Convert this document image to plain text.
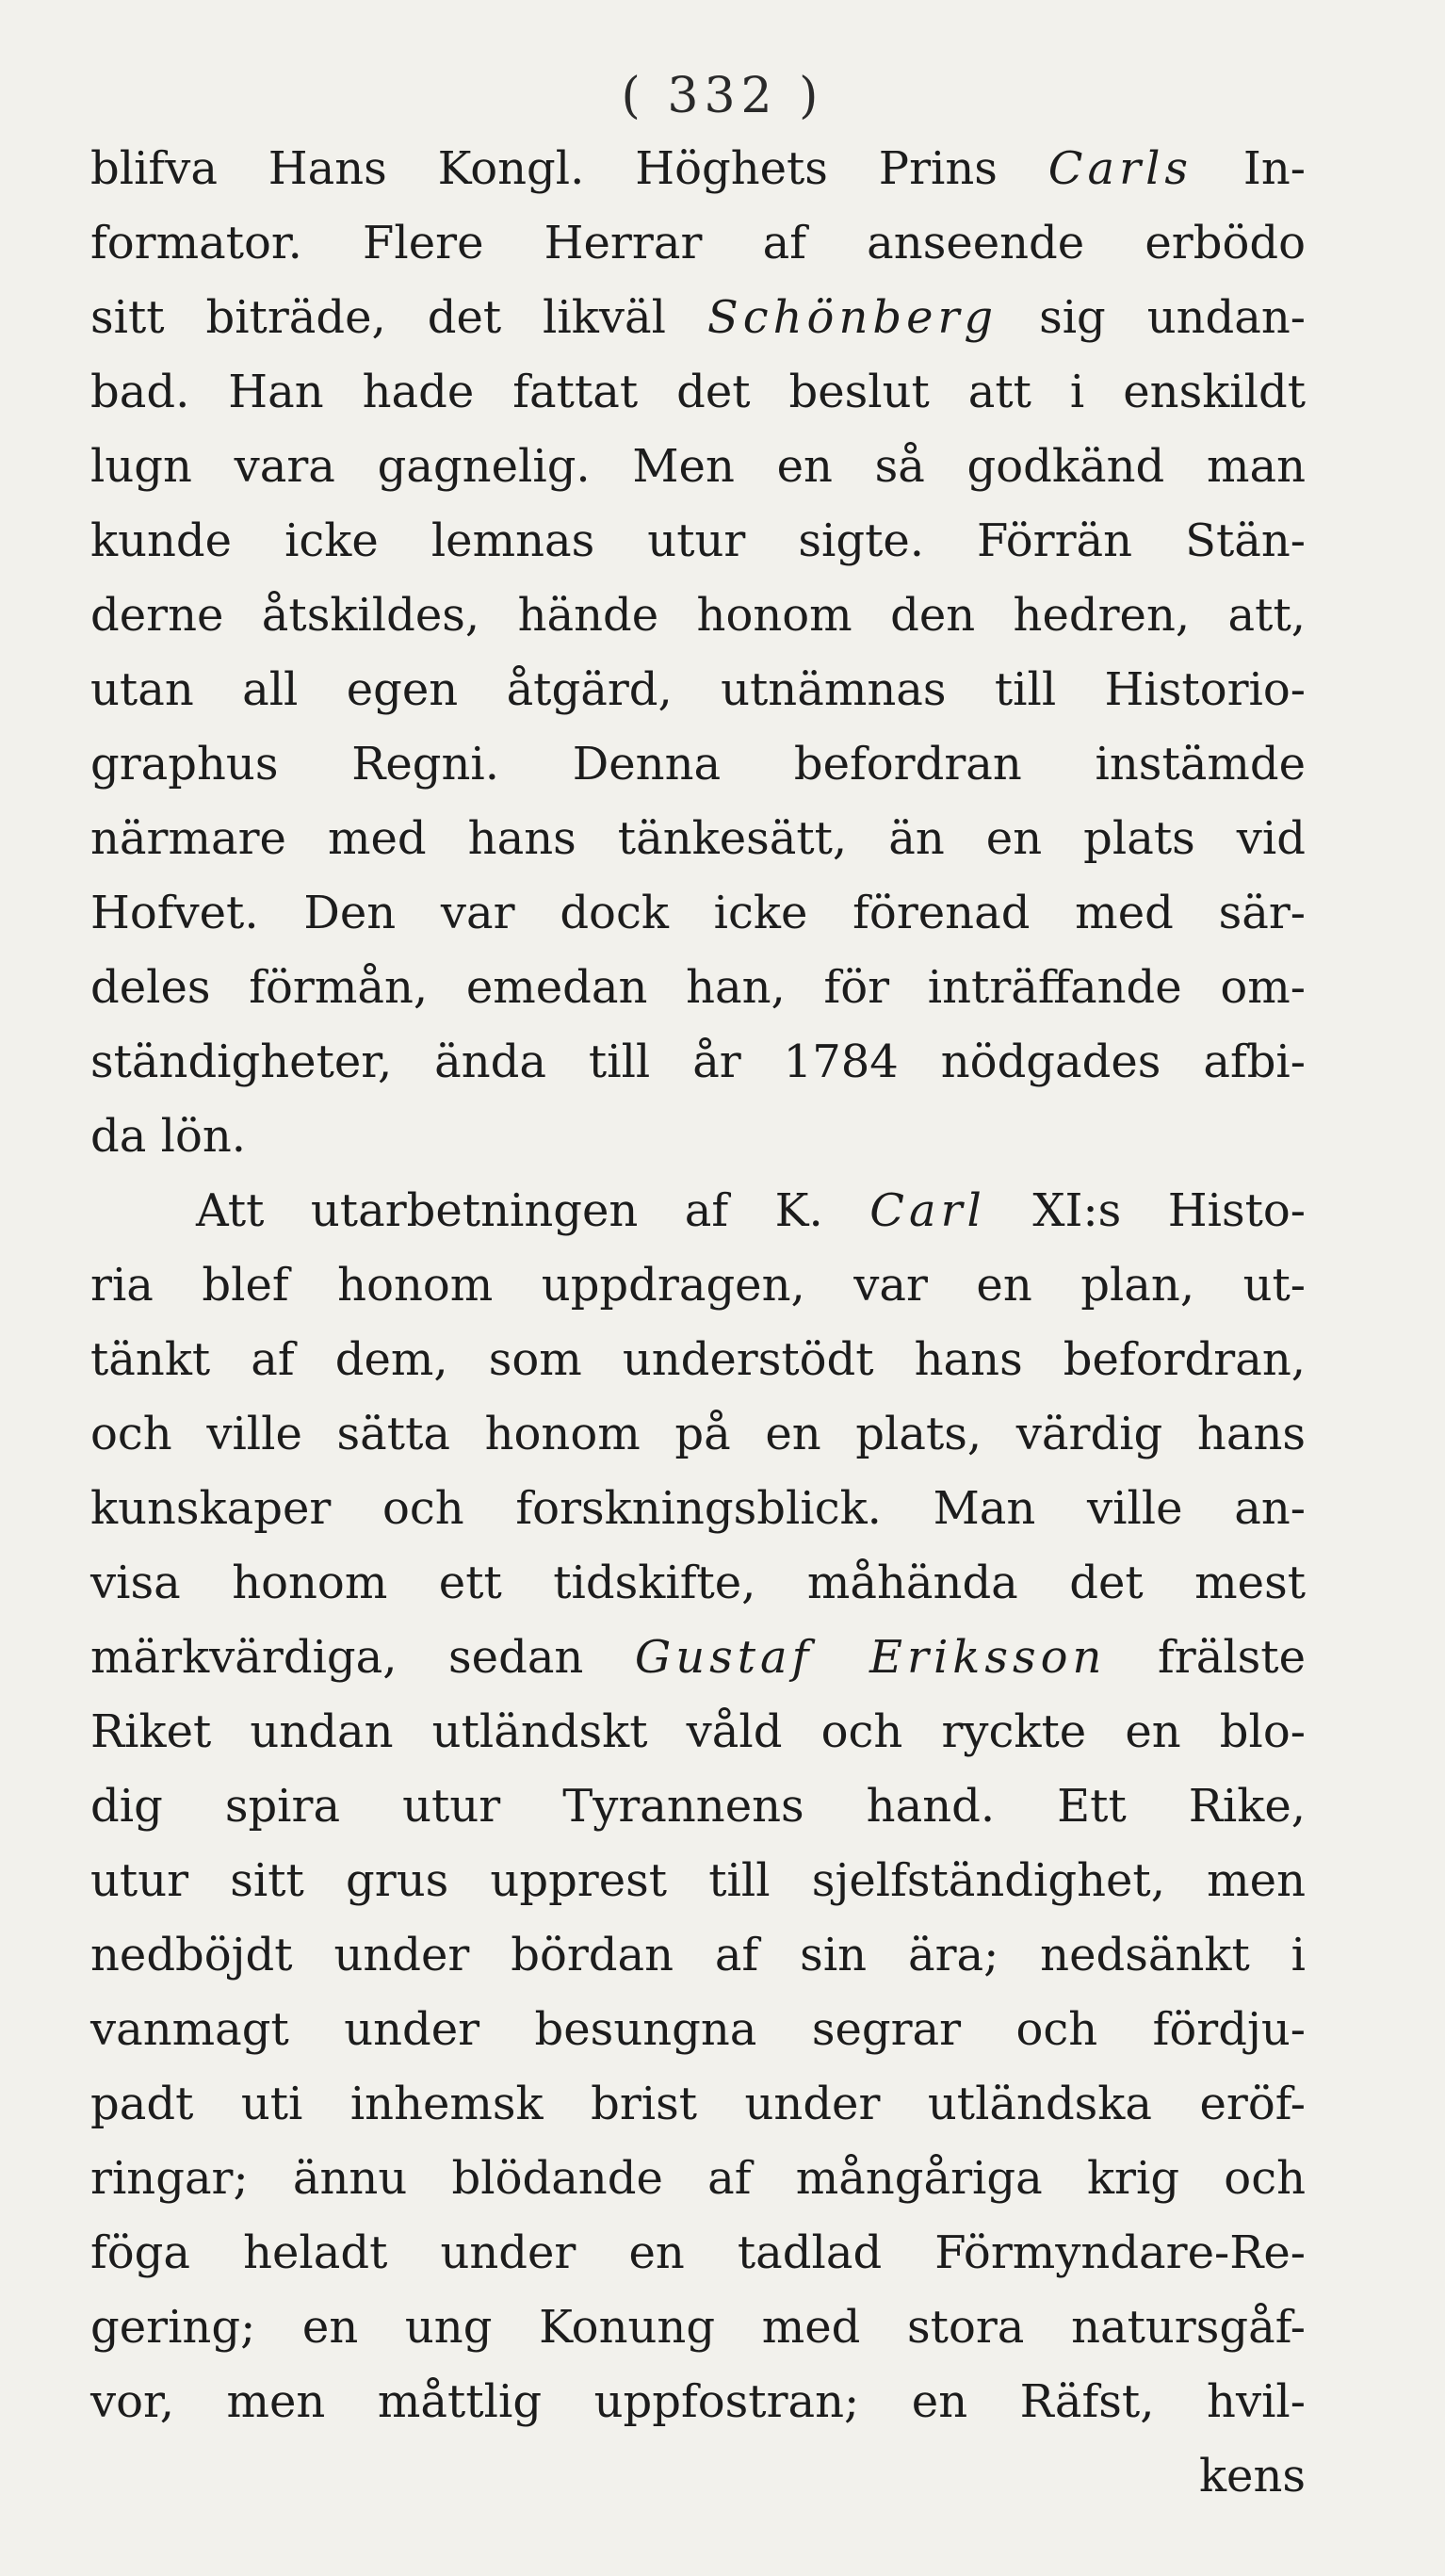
( 332 )
blifva Hans Kongl. Höghets Prins Carls In-
formator. Flere Herrar af anseende erbödo
sitt biträde, det likväl Schönberg sig undan-
bad. Han hade fattat det beslut att i enskildt
lugn vara gagnelig. Men en så godkänd man
kunde icke lemnas utur sigte. Förrän Stän-
derne åtskildes, hände honom den hedren, att,
utan all egen åtgärd, utnämnas till Historio-
graphus Regni. Denna befordran instämde
närmare med hans tänkesätt, än en plats vid
Hofvet. Den var dock icke förenad med sär-
deles förmån, emedan han, för inträffande om-
ständigheter, ända till år 1784 nödgades afbi-
da lön.
Att utarbetningen af K. Carl XI:s Histo-
ria blef honom uppdragen, var en plan, ut-
tänkt af dem, som understödt hans befordran,
och ville sätta honom på en plats, värdig hans
kunskaper och forskningsblick. Man ville an-
visa honom ett tidskifte, måhända det mest
märkvärdiga, sedan Gustaf Eriksson frälste
Riket undan utländskt våld och ryckte en blo-
dig spira utur Tyrannens hand. Ett Rike,
utur sitt grus upprest till sjelfständighet, men
nedböjdt under bördan af sin ära; nedsänkt i
vanmagt under besungna segrar och fördju-
padt uti inhemsk brist under utländska eröf-
ringar; ännu blödande af mångåriga krig och
föga heladt under en tadlad Förmyndare-Re-
gering; en ung Konung med stora natursgåf-
vor, men måttlig uppfostran; en Räfst, hvil-
kens
